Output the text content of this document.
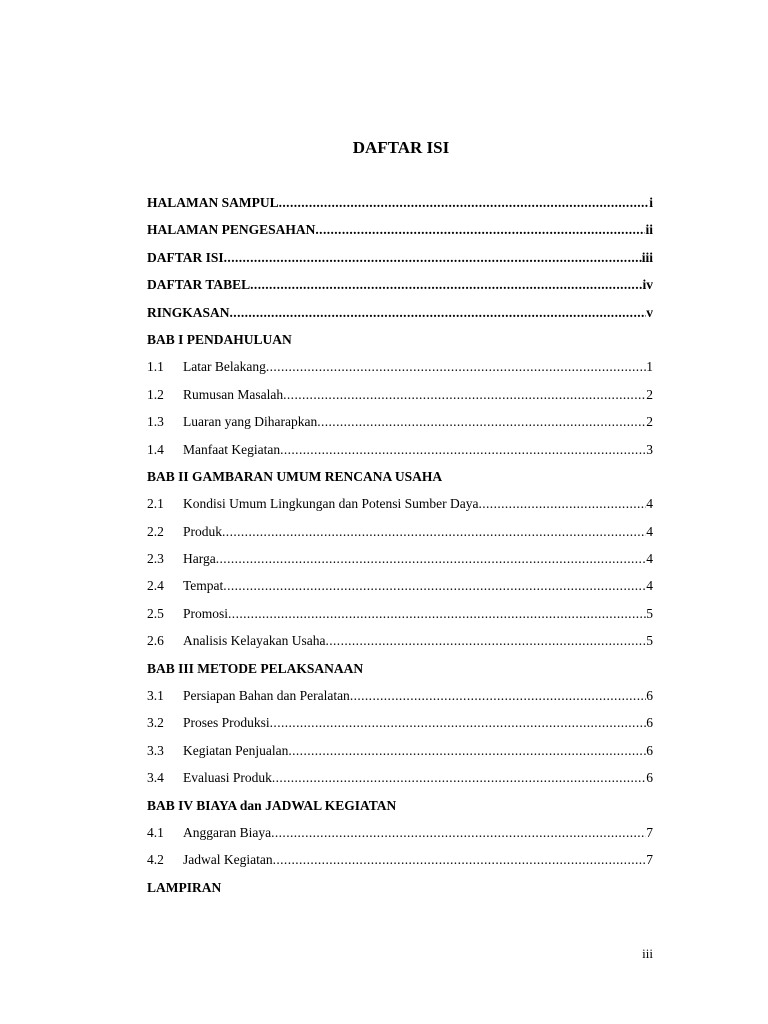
DAFTAR ISI
HALAMAN SAMPUL .....	i
HALAMAN PENGESAHAN .....	ii
DAFTAR ISI .....	iii
DAFTAR TABEL .....	iv
RINGKASAN .....	v
BAB I PENDAHULUAN
1.1	Latar Belakang .....	1
1.2	Rumusan Masalah .....	2
1.3	Luaran yang Diharapkan .....	2
1.4	Manfaat Kegiatan .....	3
BAB II GAMBARAN UMUM RENCANA USAHA
2.1	Kondisi Umum Lingkungan dan Potensi Sumber Daya .....	4
2.2	Produk .....	4
2.3	Harga .....	4
2.4	Tempat .....	4
2.5	Promosi .....	5
2.6	Analisis Kelayakan Usaha .....	5
BAB III METODE PELAKSANAAN
3.1	Persiapan Bahan dan Peralatan .....	6
3.2	Proses Produksi .....	6
3.3	Kegiatan Penjualan .....	6
3.4	Evaluasi Produk .....	6
BAB IV BIAYA dan JADWAL KEGIATAN
4.1	Anggaran Biaya .....	7
4.2	Jadwal Kegiatan .....	7
LAMPIRAN
iii
